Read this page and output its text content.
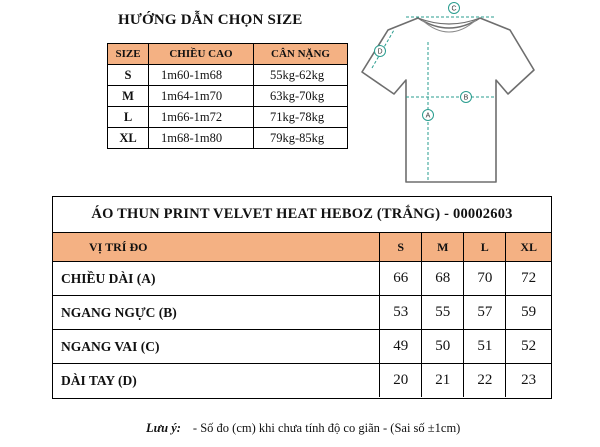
HƯỚNG DẪN CHỌN SIZE
SIZE	CHIỀU CAO	CÂN NẶNG
S	1m60-1m68	55kg-62kg
M	1m64-1m70	63kg-70kg
L	1m66-1m72	71kg-78kg
XL	1m68-1m80	79kg-85kg
C
D
B
A
ÁO THUN PRINT VELVET HEAT HEBOZ (TRẮNG) - 00002603
VỊ TRÍ ĐO	S	M	L	XL
CHIỀU DÀI (A)	66	68	70	72
NGANG NGỰC (B)	53	55	57	59
NGANG VAI (C)	49	50	51	52
DÀI TAY (D)	20	21	22	23
Lưu ý: - Số đo (cm) khi chưa tính độ co giãn - (Sai số ±1cm)
